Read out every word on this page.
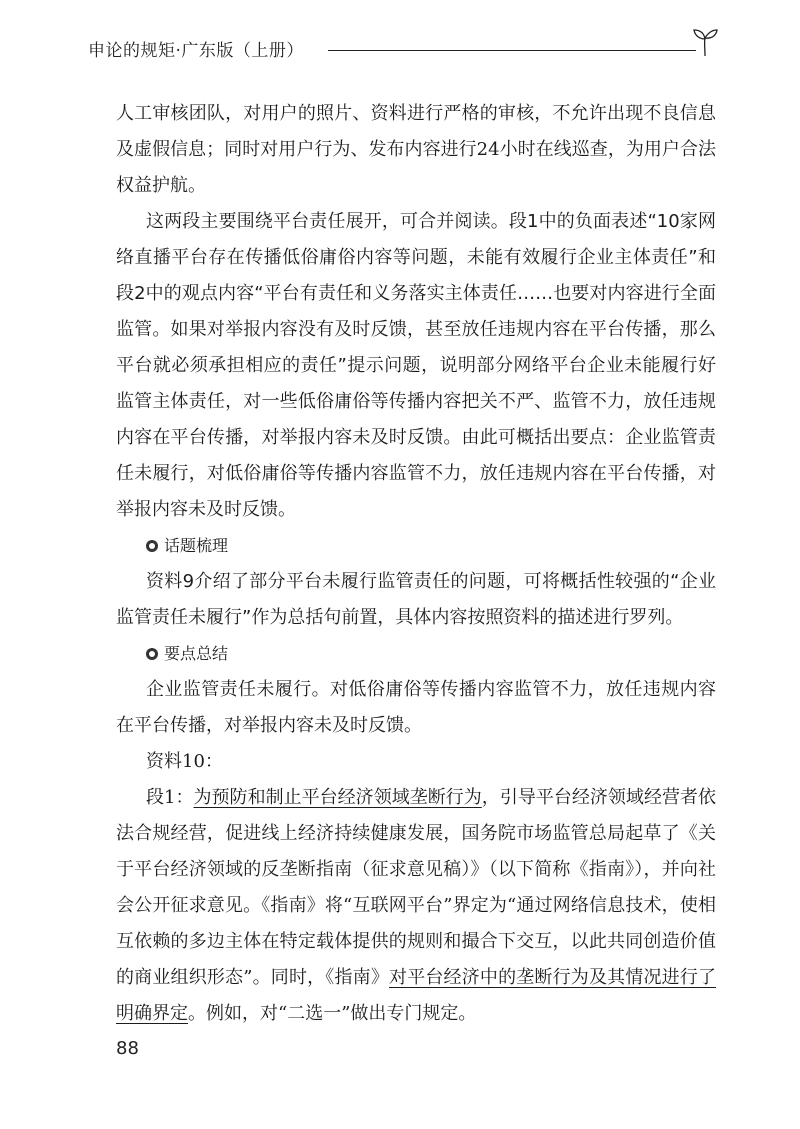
申论的规矩·广东版（上册）

人工审核团队，对用户的照片、资料进行严格的审核，不允许出现不良信息及虚假信息；同时对用户行为、发布内容进行24小时在线巡查，为用户合法权益护航。

这两段主要围绕平台责任展开，可合并阅读。段1中的负面表述“10家网络直播平台存在传播低俗庸俗内容等问题，未能有效履行企业主体责任”和段2中的观点内容“平台有责任和义务落实主体责任……也要对内容进行全面监管。如果对举报内容没有及时反馈，甚至放任违规内容在平台传播，那么平台就必须承担相应的责任”提示问题，说明部分网络平台企业未能履行好监管主体责任，对一些低俗庸俗等传播内容把关不严、监管不力，放任违规内容在平台传播，对举报内容未及时反馈。由此可概括出要点：企业监管责任未履行，对低俗庸俗等传播内容监管不力，放任违规内容在平台传播，对举报内容未及时反馈。

话题梳理

资料9介绍了部分平台未履行监管责任的问题，可将概括性较强的“企业监管责任未履行”作为总括句前置，具体内容按照资料的描述进行罗列。

要点总结

企业监管责任未履行。对低俗庸俗等传播内容监管不力，放任违规内容在平台传播，对举报内容未及时反馈。

资料10：

段1：为预防和制止平台经济领域垄断行为，引导平台经济领域经营者依法合规经营，促进线上经济持续健康发展，国务院市场监管总局起草了《关于平台经济领域的反垄断指南（征求意见稿）》（以下简称《指南》），并向社会公开征求意见。《指南》将“互联网平台”界定为“通过网络信息技术，使相互依赖的多边主体在特定载体提供的规则和撮合下交互，以此共同创造价值的商业组织形态”。同时，《指南》对平台经济中的垄断行为及其情况进行了明确界定。例如，对“二选一”做出专门规定。

88
